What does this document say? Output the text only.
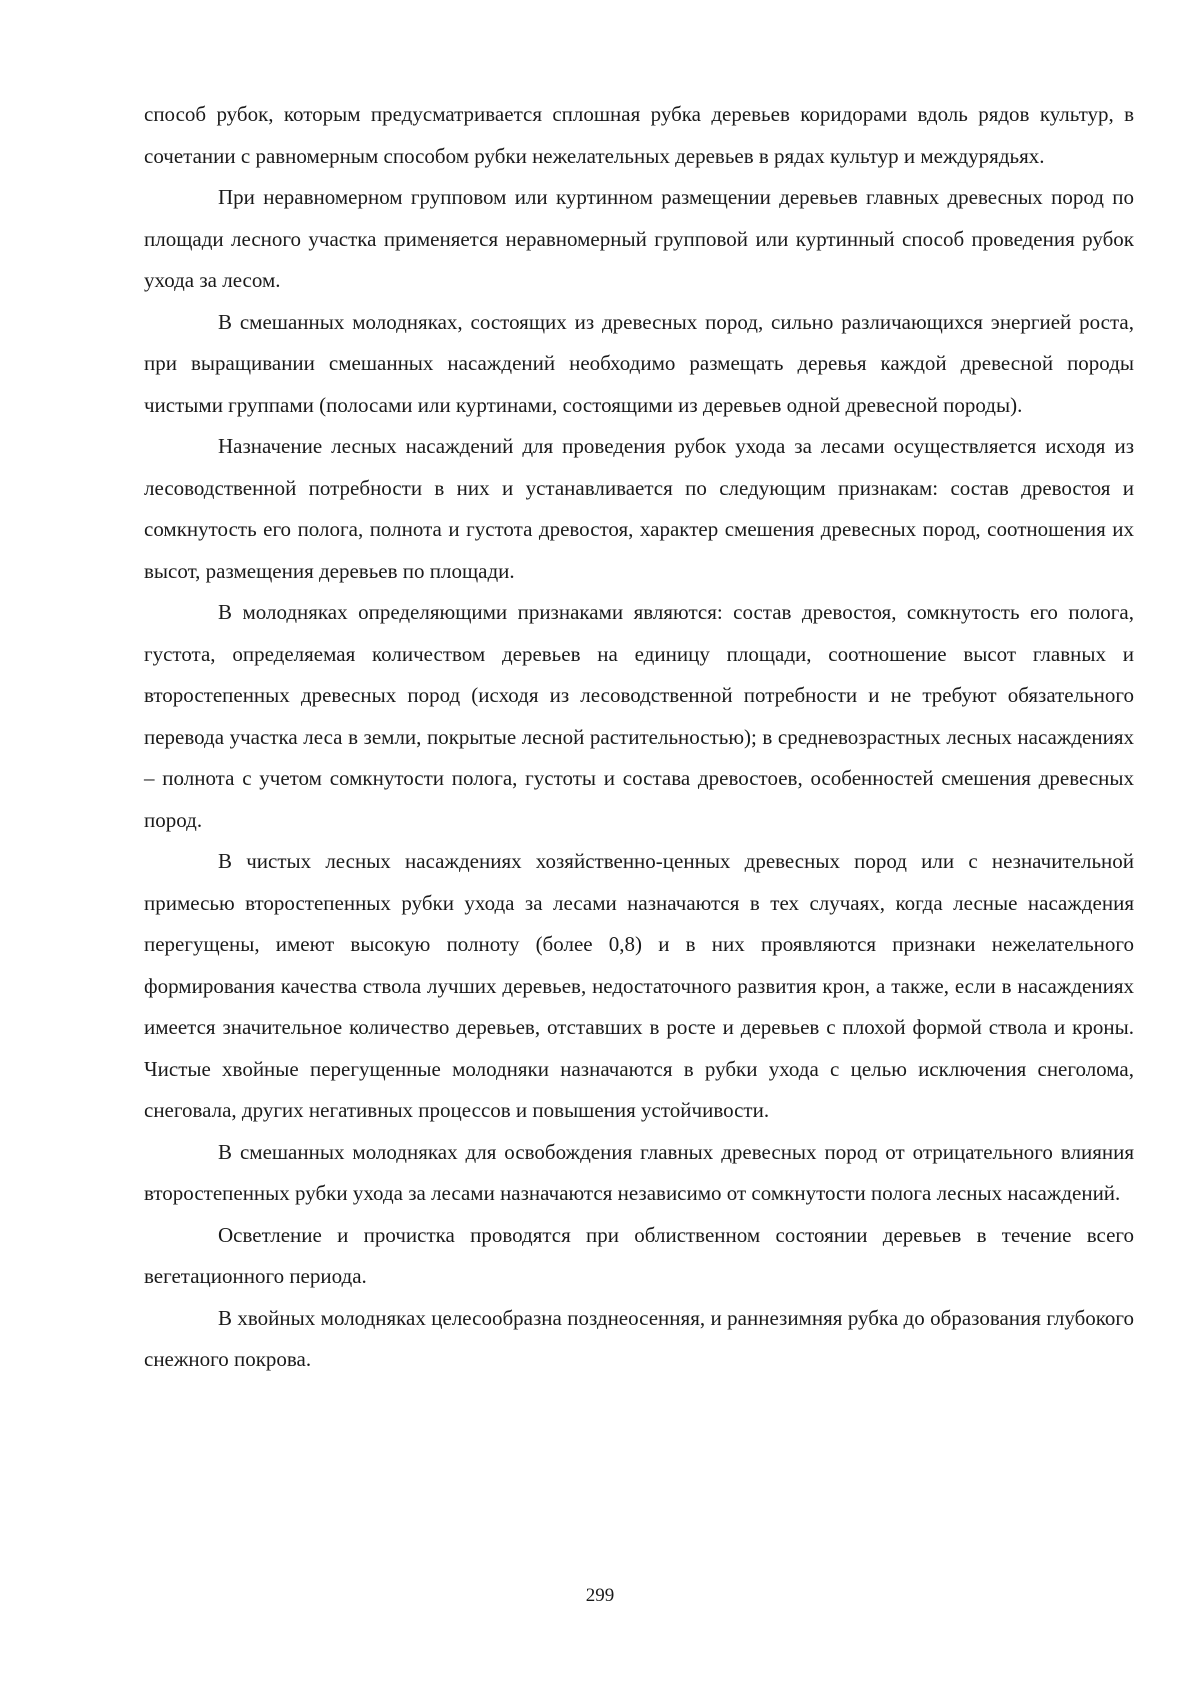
способ рубок, которым предусматривается сплошная рубка деревьев коридорами вдоль рядов культур, в сочетании с равномерным способом рубки нежелательных деревьев в рядах культур и междурядьях.

При неравномерном групповом или куртинном размещении деревьев главных древесных пород по площади лесного участка применяется неравномерный групповой или куртинный способ проведения рубок ухода за лесом.

В смешанных молодняках, состоящих из древесных пород, сильно различающихся энергией роста, при выращивании смешанных насаждений необходимо размещать деревья каждой древесной породы чистыми группами (полосами или куртинами, состоящими из деревьев одной древесной породы).

Назначение лесных насаждений для проведения рубок ухода за лесами осуществляется исходя из лесоводственной потребности в них и устанавливается по следующим признакам: состав древостоя и сомкнутость его полога, полнота и густота древостоя, характер смешения древесных пород, соотношения их высот, размещения деревьев по площади.

В молодняках определяющими признаками являются: состав древостоя, сомкнутость его полога, густота, определяемая количеством деревьев на единицу площади, соотношение высот главных и второстепенных древесных пород (исходя из лесоводственной потребности и не требуют обязательного перевода участка леса в земли, покрытые лесной растительностью); в средневозрастных лесных насаждениях – полнота с учетом сомкнутости полога, густоты и состава древостоев, особенностей смешения древесных пород.

В чистых лесных насаждениях хозяйственно-ценных древесных пород или с незначительной примесью второстепенных рубки ухода за лесами назначаются в тех случаях, когда лесные насаждения перегущены, имеют высокую полноту (более 0,8) и в них проявляются признаки нежелательного формирования качества ствола лучших деревьев, недостаточного развития крон, а также, если в насаждениях имеется значительное количество деревьев, отставших в росте и деревьев с плохой формой ствола и кроны. Чистые хвойные перегущенные молодняки назначаются в рубки ухода с целью исключения снеголома, снеговала, других негативных процессов и повышения устойчивости.

В смешанных молодняках для освобождения главных древесных пород от отрицательного влияния второстепенных рубки ухода за лесами назначаются независимо от сомкнутости полога лесных насаждений.

Осветление и прочистка проводятся при облиственном состоянии деревьев в течение всего вегетационного периода.

В хвойных молодняках целесообразна позднеосенняя, и раннезимняя рубка до образования глубокого снежного покрова.

299
